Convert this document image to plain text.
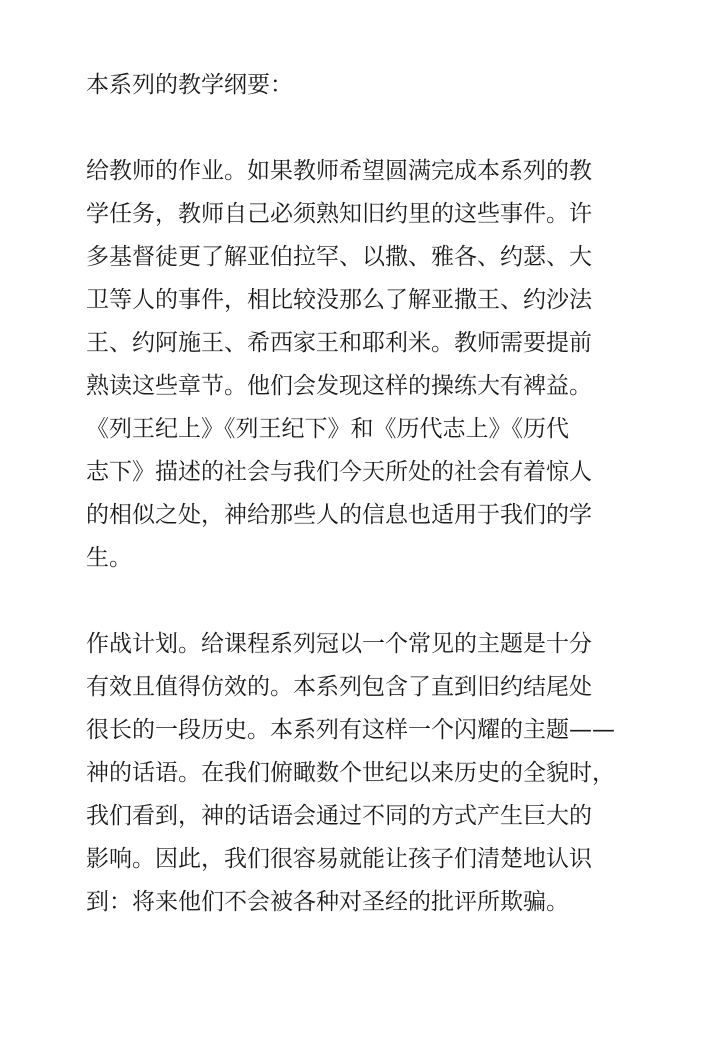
本系列的教学纲要：
给教师的作业。如果教师希望圆满完成本系列的教
学任务，教师自己必须熟知旧约里的这些事件。许
多基督徒更了解亚伯拉罕、以撒、雅各、约瑟、大
卫等人的事件，相比较没那么了解亚撒王、约沙法
王、约阿施王、希西家王和耶利米。教师需要提前
熟读这些章节。他们会发现这样的操练大有裨益。
《列王纪上》《列王纪下》和《历代志上》《历代
志下》描述的社会与我们今天所处的社会有着惊人
的相似之处，神给那些人的信息也适用于我们的学
生。
作战计划。给课程系列冠以一个常见的主题是十分
有效且值得仿效的。本系列包含了直到旧约结尾处
很长的一段历史。本系列有这样一个闪耀的主题——
神的话语。在我们俯瞰数个世纪以来历史的全貌时，
我们看到，神的话语会通过不同的方式产生巨大的
影响。因此，我们很容易就能让孩子们清楚地认识
到：将来他们不会被各种对圣经的批评所欺骗。
